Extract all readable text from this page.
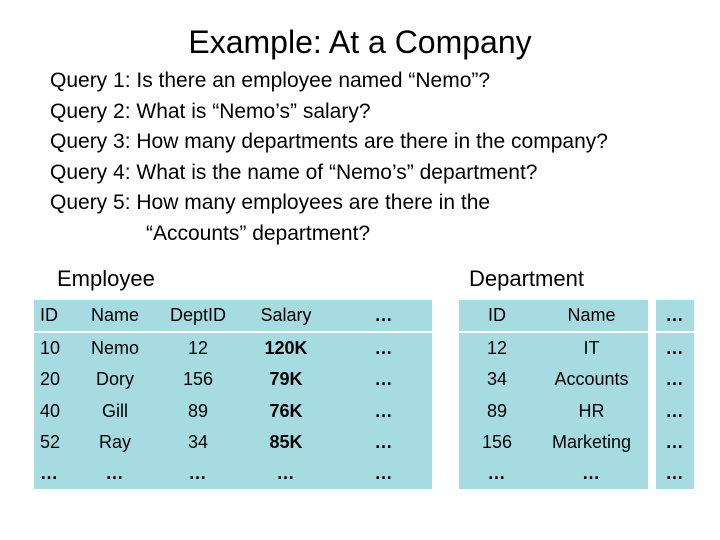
Example: At a Company
Query 1: Is there an employee named “Nemo”?
Query 2: What is “Nemo’s” salary?
Query 3: How many departments are there in the company?
Query 4: What is the name of “Nemo’s” department?
Query 5: How many employees are there in the
“Accounts” department?
Employee	Department
ID	Name	DeptID	Salary	…
10	Nemo	12	120K	…
20	Dory	156	79K	…
40	Gill	89	76K	…
52	Ray	34	85K	…
…	…	…	…	…
ID	Name		…
12	IT		…
34	Accounts		…
89	HR		…
156	Marketing		…
…	…		…
